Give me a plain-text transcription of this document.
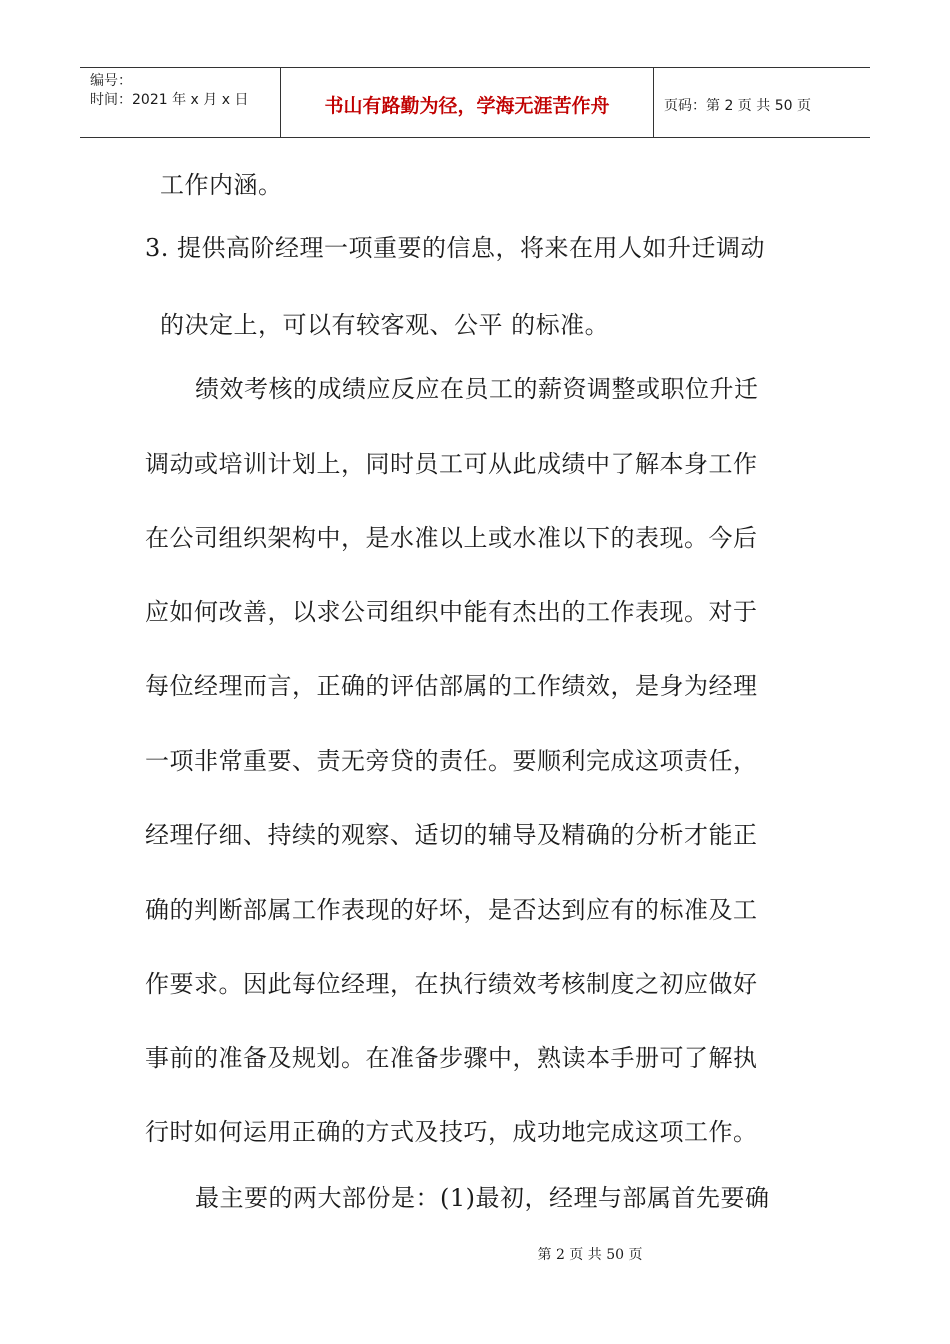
编号：
时间：2021 年 x 月 x 日	书山有路勤为径，学海无涯苦作舟	页码：第 2 页 共 50 页
工作内涵。
3. 提供高阶经理一项重要的信息，将来在用人如升迁调动
的决定上，可以有较客观、公平 的标准。
绩效考核的成绩应反应在员工的薪资调整或职位升迁
调动或培训计划上，同时员工可从此成绩中了解本身工作
在公司组织架构中，是水准以上或水准以下的表现。今后
应如何改善，以求公司组织中能有杰出的工作表现。对于
每位经理而言，正确的评估部属的工作绩效，是身为经理
一项非常重要、责无旁贷的责任。要顺利完成这项责任，
经理仔细、持续的观察、适切的辅导及精确的分析才能正
确的判断部属工作表现的好坏，是否达到应有的标准及工
作要求。因此每位经理，在执行绩效考核制度之初应做好
事前的准备及规划。在准备步骤中，熟读本手册可了解执
行时如何运用正确的方式及技巧，成功地完成这项工作。
最主要的两大部份是：(1)最初，经理与部属首先要确
第 2 页 共 50 页
